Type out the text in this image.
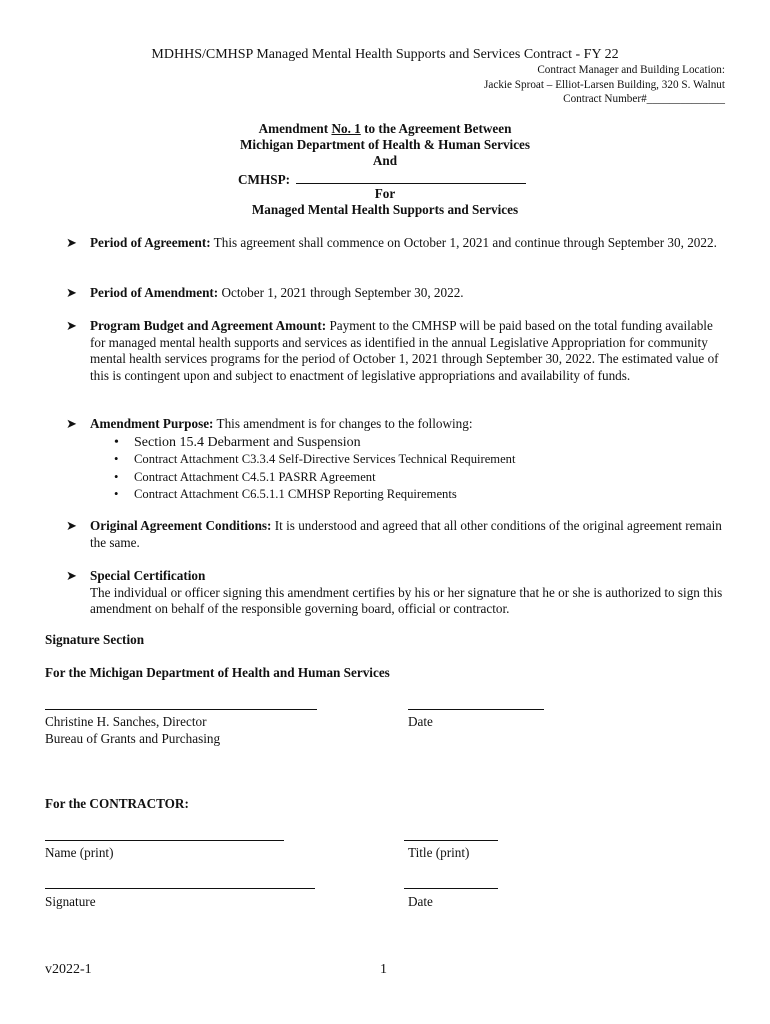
MDHHS/CMHSP Managed Mental Health Supports and Services Contract - FY 22
Contract Manager and Building Location:
Jackie Sproat – Elliot-Larsen Building, 320 S. Walnut
Contract Number#______________
Amendment No. 1 to the Agreement Between
Michigan Department of Health & Human Services
And
CMHSP:
For
Managed Mental Health Supports and Services
➤ Period of Agreement: This agreement shall commence on October 1, 2021 and continue through September 30, 2022.
➤ Period of Amendment: October 1, 2021 through September 30, 2022.
➤ Program Budget and Agreement Amount: Payment to the CMHSP will be paid based on the total funding available for managed mental health supports and services as identified in the annual Legislative Appropriation for community mental health services programs for the period of October 1, 2021 through September 30, 2022. The estimated value of this is contingent upon and subject to enactment of legislative appropriations and availability of funds.
➤ Amendment Purpose: This amendment is for changes to the following:
• Section 15.4 Debarment and Suspension
• Contract Attachment C3.3.4 Self-Directive Services Technical Requirement
• Contract Attachment C4.5.1 PASRR Agreement
• Contract Attachment C6.5.1.1 CMHSP Reporting Requirements
➤ Original Agreement Conditions: It is understood and agreed that all other conditions of the original agreement remain the same.
➤ Special Certification
The individual or officer signing this amendment certifies by his or her signature that he or she is authorized to sign this amendment on behalf of the responsible governing board, official or contractor.
Signature Section
For the Michigan Department of Health and Human Services
Christine H. Sanches, Director	Date
Bureau of Grants and Purchasing
For the CONTRACTOR:
Name (print)	Title (print)
Signature	Date
v2022-1	1
